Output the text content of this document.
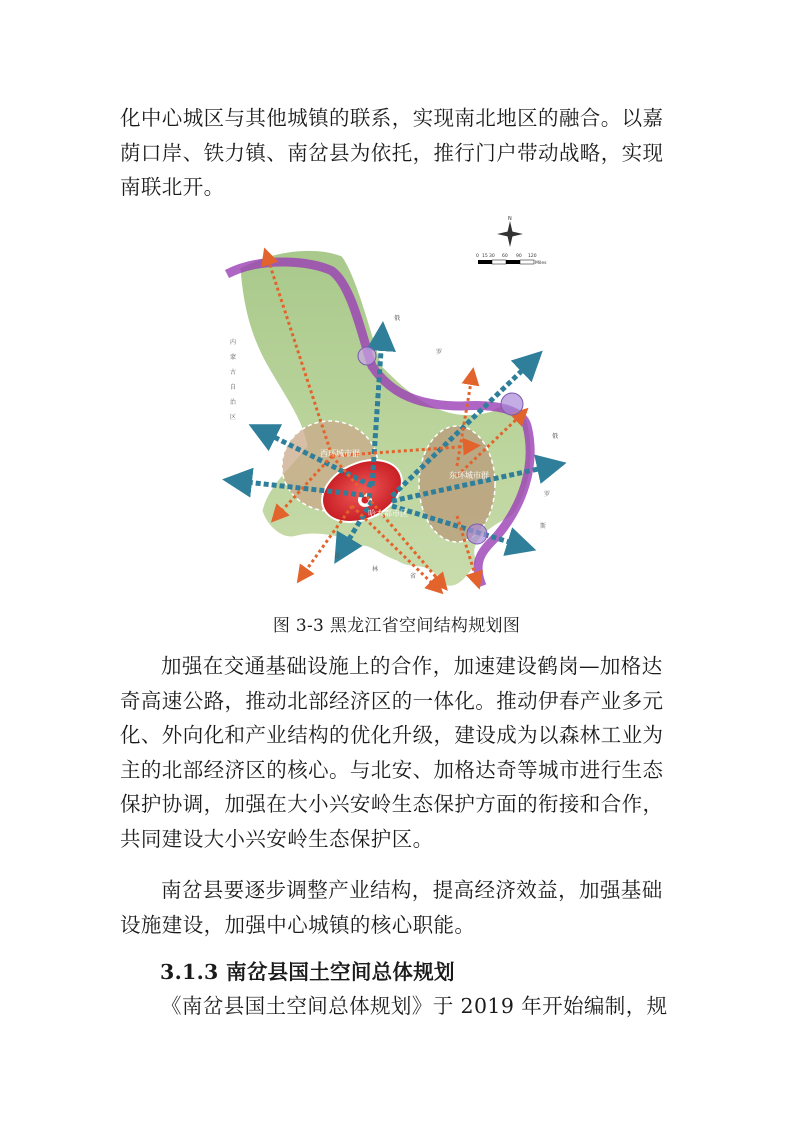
化中心城区与其他城镇的联系，实现南北地区的融合。以嘉
荫口岸、铁力镇、南岔县为依托，推行门户带动战略，实现
南联北开。
西环城市群
东环城市群
哈大都市区
内
蒙
古
自
治
区
俄
罗
俄
罗
斯
吉
林
省
N
0 15 30 60 90 120
Miles
图 3-3 黑龙江省空间结构规划图
加强在交通基础设施上的合作，加速建设鹤岗—加格达
奇高速公路，推动北部经济区的一体化。推动伊春产业多元
化、外向化和产业结构的优化升级，建设成为以森林工业为
主的北部经济区的核心。与北安、加格达奇等城市进行生态
保护协调，加强在大小兴安岭生态保护方面的衔接和合作，
共同建设大小兴安岭生态保护区。
南岔县要逐步调整产业结构，提高经济效益，加强基础
设施建设，加强中心城镇的核心职能。
3.1.3 南岔县国土空间总体规划
《南岔县国土空间总体规划》于 2019 年开始编制，规
